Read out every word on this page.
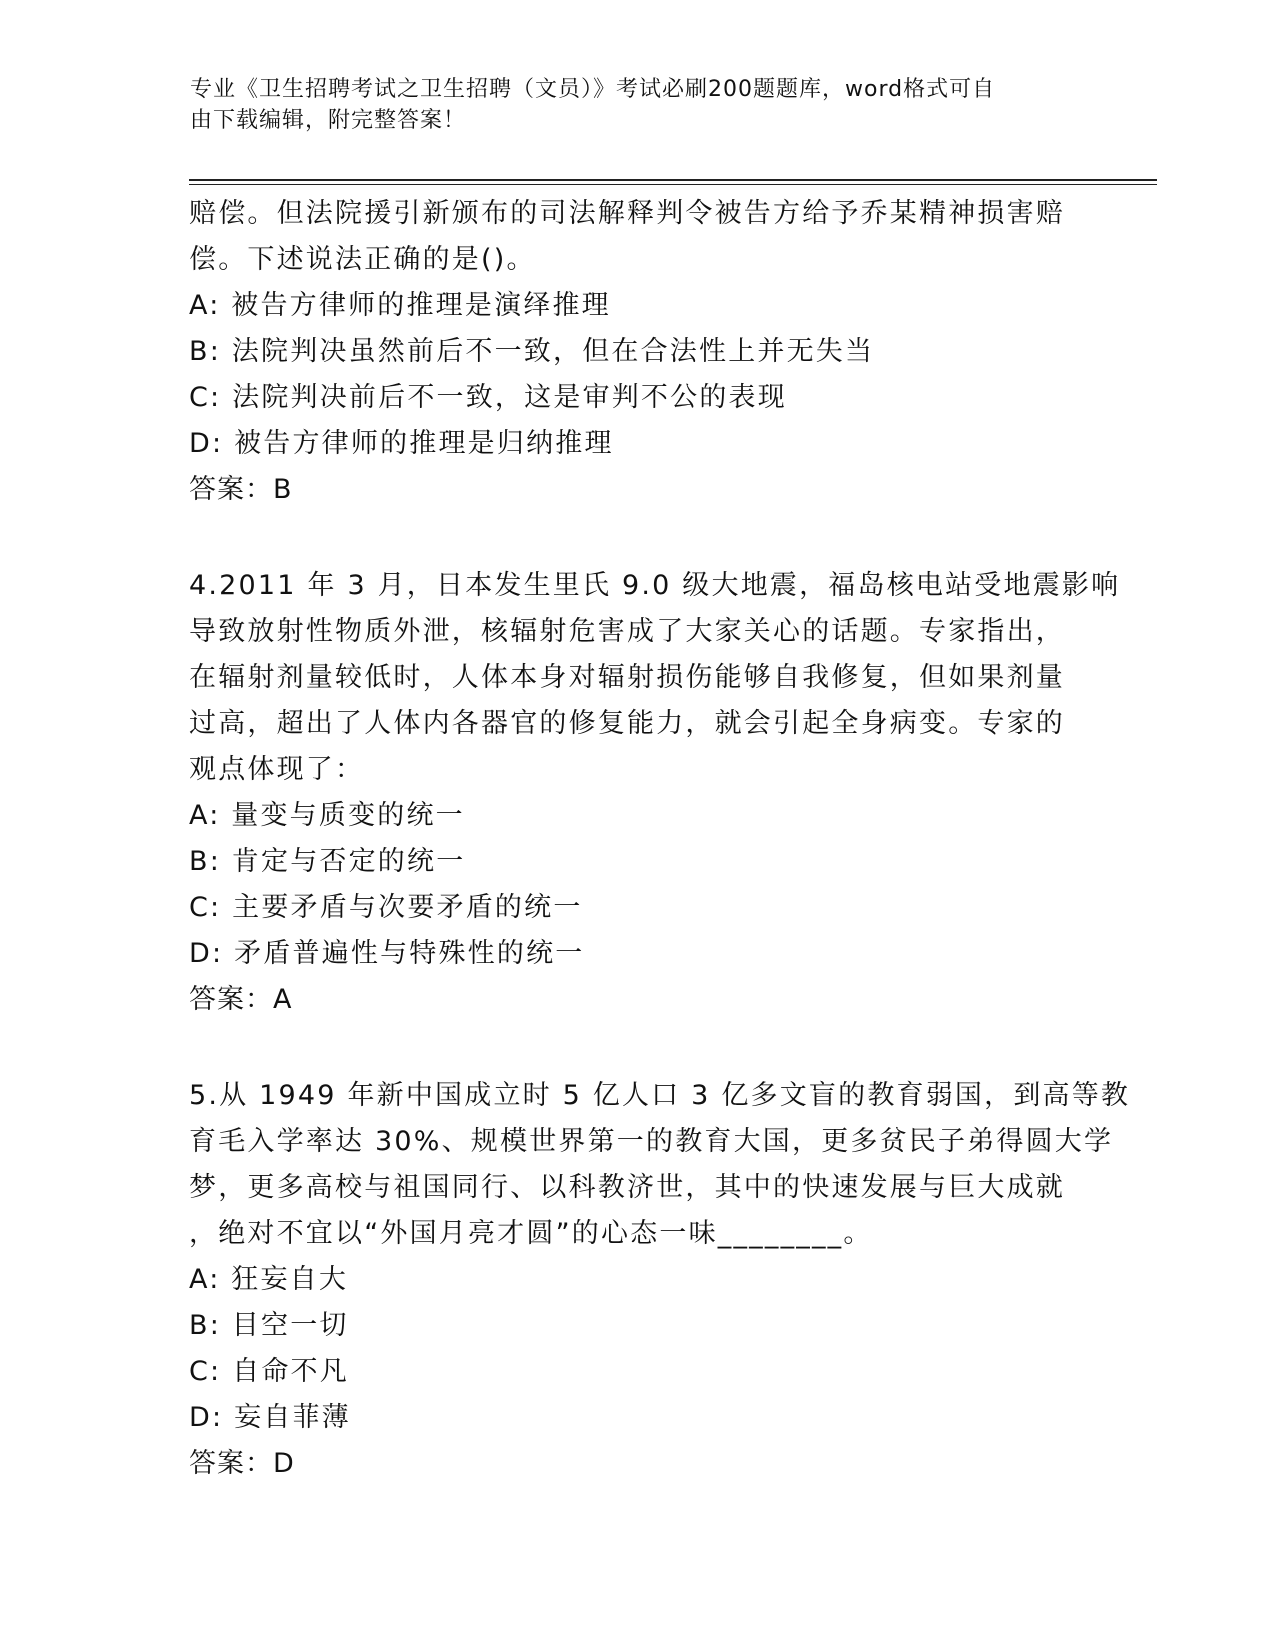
专业《卫生招聘考试之卫生招聘（文员）》考试必刷200题题库，word格式可自
由下载编辑，附完整答案！
赔偿。但法院援引新颁布的司法解释判令被告方给予乔某精神损害赔
偿。下述说法正确的是()。
A: 被告方律师的推理是演绎推理
B: 法院判决虽然前后不一致，但在合法性上并无失当
C: 法院判决前后不一致，这是审判不公的表现
D: 被告方律师的推理是归纳推理
答案：B
4.2011 年 3 月，日本发生里氏 9.0 级大地震，福岛核电站受地震影响
导致放射性物质外泄，核辐射危害成了大家关心的话题。专家指出，
在辐射剂量较低时，人体本身对辐射损伤能够自我修复，但如果剂量
过高，超出了人体内各器官的修复能力，就会引起全身病变。专家的
观点体现了：
A: 量变与质变的统一
B: 肯定与否定的统一
C: 主要矛盾与次要矛盾的统一
D: 矛盾普遍性与特殊性的统一
答案：A
5.从 1949 年新中国成立时 5 亿人口 3 亿多文盲的教育弱国，到高等教
育毛入学率达 30%、规模世界第一的教育大国，更多贫民子弟得圆大学
梦，更多高校与祖国同行、以科教济世，其中的快速发展与巨大成就
，绝对不宜以“外国月亮才圆”的心态一味________。
A: 狂妄自大
B: 目空一切
C: 自命不凡
D: 妄自菲薄
答案：D
